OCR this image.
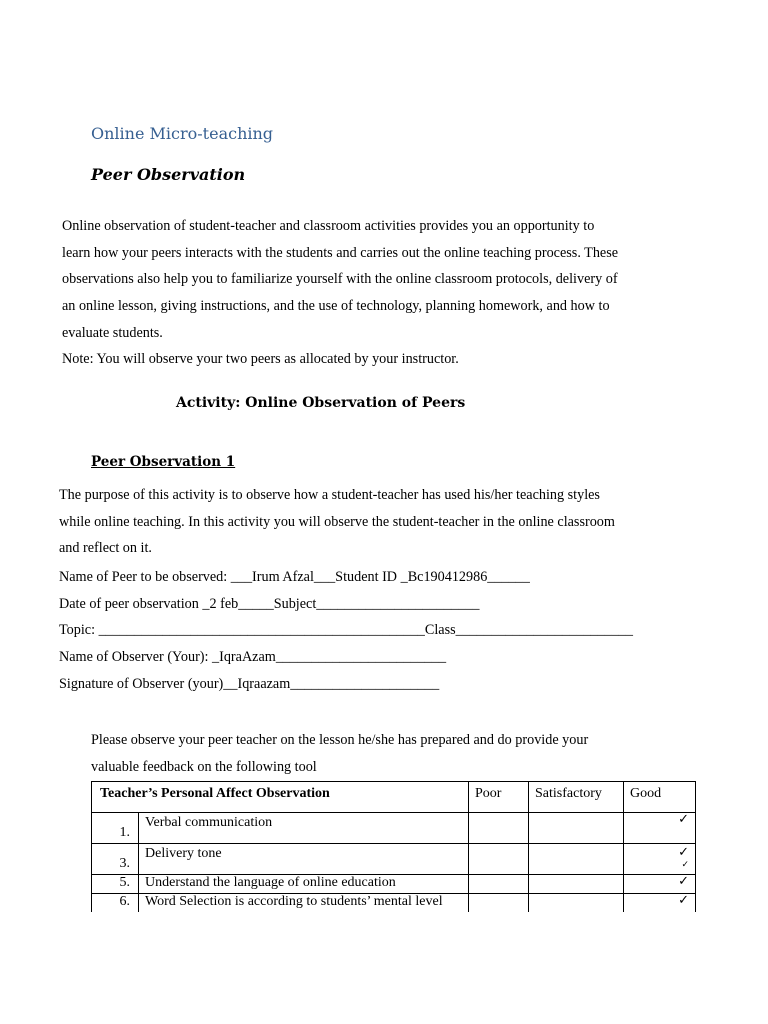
Online Micro-teaching
Peer Observation

Online observation of student-teacher and classroom activities provides you an opportunity to

learn how your peers interacts with the students and carries out the online teaching process. These

observations also help you to familiarize yourself with the online classroom protocols, delivery of

an online lesson, giving instructions, and the use of technology, planning homework, and how to

evaluate students.

Note: You will observe your two peers as allocated by your instructor.

Activity: Online Observation of Peers
Peer Observation 1

The purpose of this activity is to observe how a student-teacher has used his/her teaching styles

while online teaching. In this activity you will observe the student-teacher in the online classroom

and reflect on it.

Name of Peer to be observed: ___Irum Afzal___Student ID _Bc190412986______
Date of peer observation _2 feb_____Subject_______________________
Topic: ______________________________________________Class_________________________
Name of Observer (Your): _IqraAzam________________________
Signature of Observer (your)__Iqraazam_____________________

Please observe your peer teacher on the lesson he/she has prepared and do provide your

valuable feedback on the following tool

Teacher’s Personal Affect Observation		Poor	Satisfactory	Good
1.	Verbal communication			✓

3.	Delivery tone			✓
✓

5.	Understand the language of online education			✓

6.	Word Selection is according to students’ mental level			✓
